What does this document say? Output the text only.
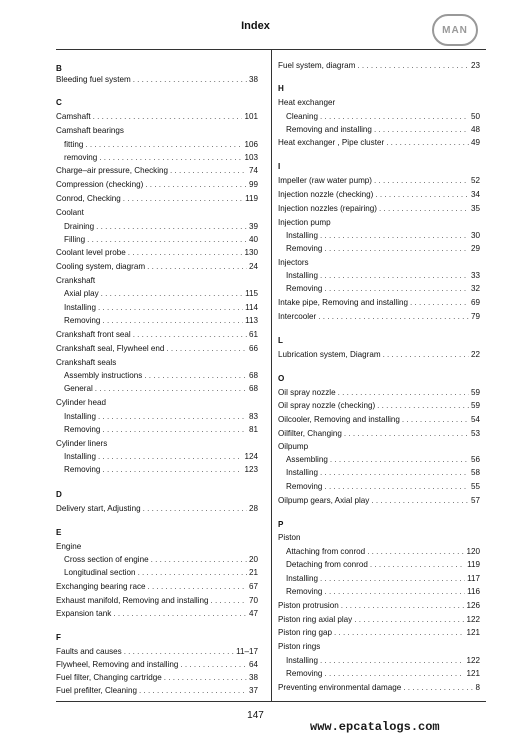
Index	MAN
B
Bleeding fuel system . . .	38
C
Camshaft . . .	101
Camshaft bearings
fitting . . .	106
removing . . .	103
Charge–air pressure, Checking . . .	74
Compression (checking) . . .	99
Conrod, Checking . . .	119
Coolant
Draining . . .	39
Filling . . .	40
Coolant level probe . . .	130
Cooling system, diagram . . .	24
Crankshaft
Axial play . . .	115
Installing . . .	114
Removing . . .	113
Crankshaft front seal . . .	61
Crankshaft seal, Flywheel end . . .	66
Crankshaft seals
Assembly instructions . . .	68
General . . .	68
Cylinder head
Installing . . .	83
Removing . . .	81
Cylinder liners
Installing . . .	124
Removing . . .	123
D
Delivery start, Adjusting . . .	28
E
Engine
Cross section of engine . . .	20
Longitudinal section . . .	21
Exchanging bearing race . . .	67
Exhaust manifold, Removing and installing . . .	70
Expansion tank . . .	47
F
Faults and causes . . .	11–17
Flywheel, Removing and installing . . .	64
Fuel filter, Changing cartridge . . .	38
Fuel prefilter, Cleaning . . .	37
Fuel system, diagram . . .	23
H
Heat exchanger
Cleaning . . .	50
Removing and installing . . .	48
Heat exchanger , Pipe cluster . . .	49
I
Impeller (raw water pump) . . .	52
Injection nozzle (checking) . . .	34
Injection nozzles (repairing) . . .	35
Injection pump
Installing . . .	30
Removing . . .	29
Injectors
Installing . . .	33
Removing . . .	32
Intake pipe, Removing and installing . . .	69
Intercooler . . .	79
L
Lubrication system, Diagram . . .	22
O
Oil spray nozzle . . .	59
Oil spray nozzle (checking) . . .	59
Oilcooler, Removing and installing . . .	54
Oilfilter, Changing . . .	53
Oilpump
Assembling . . .	56
Installing . . .	58
Removing . . .	55
Oilpump gears, Axial play . . .	57
P
Piston
Attaching from conrod . . .	120
Detaching from conrod . . .	119
Installing . . .	117
Removing . . .	116
Piston protrusion . . .	126
Piston ring axial play . . .	122
Piston ring gap . . .	121
Piston rings
Installing . . .	122
Removing . . .	121
Preventing environmental damage . . .	8
147
www.epcatalogs.com
